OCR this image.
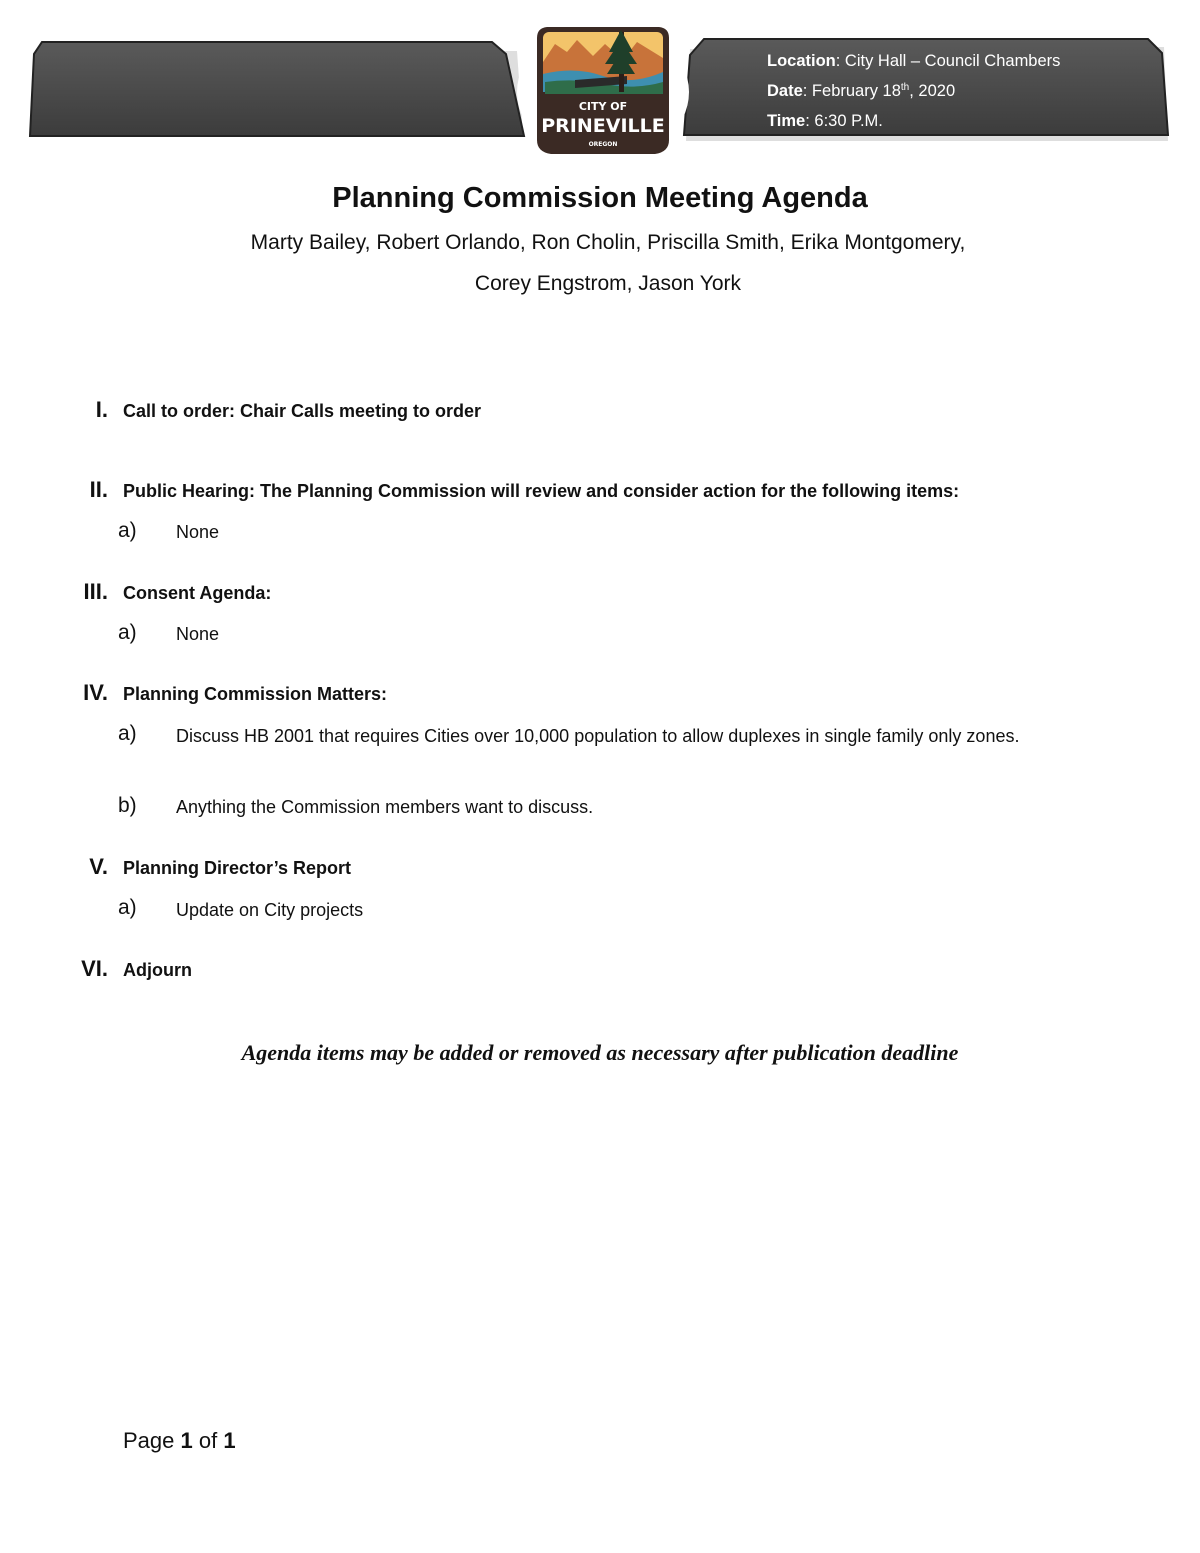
CITY OF
PRINEVILLE
OREGON
Location: City Hall – Council Chambers
Date: February 18th, 2020
Time: 6:30 P.M.
Planning Commission Meeting Agenda
Marty Bailey, Robert Orlando, Ron Cholin, Priscilla Smith, Erika Montgomery,
Corey Engstrom, Jason York
I. Call to order: Chair Calls meeting to order
II. Public Hearing: The Planning Commission will review and consider action for the following items:
a) None
III. Consent Agenda:
a) None
IV. Planning Commission Matters:
a) Discuss HB 2001 that requires Cities over 10,000 population to allow duplexes in single family only zones.
b) Anything the Commission members want to discuss.
V. Planning Director’s Report
a) Update on City projects
VI. Adjourn
Agenda items may be added or removed as necessary after publication deadline
Page 1 of 1
